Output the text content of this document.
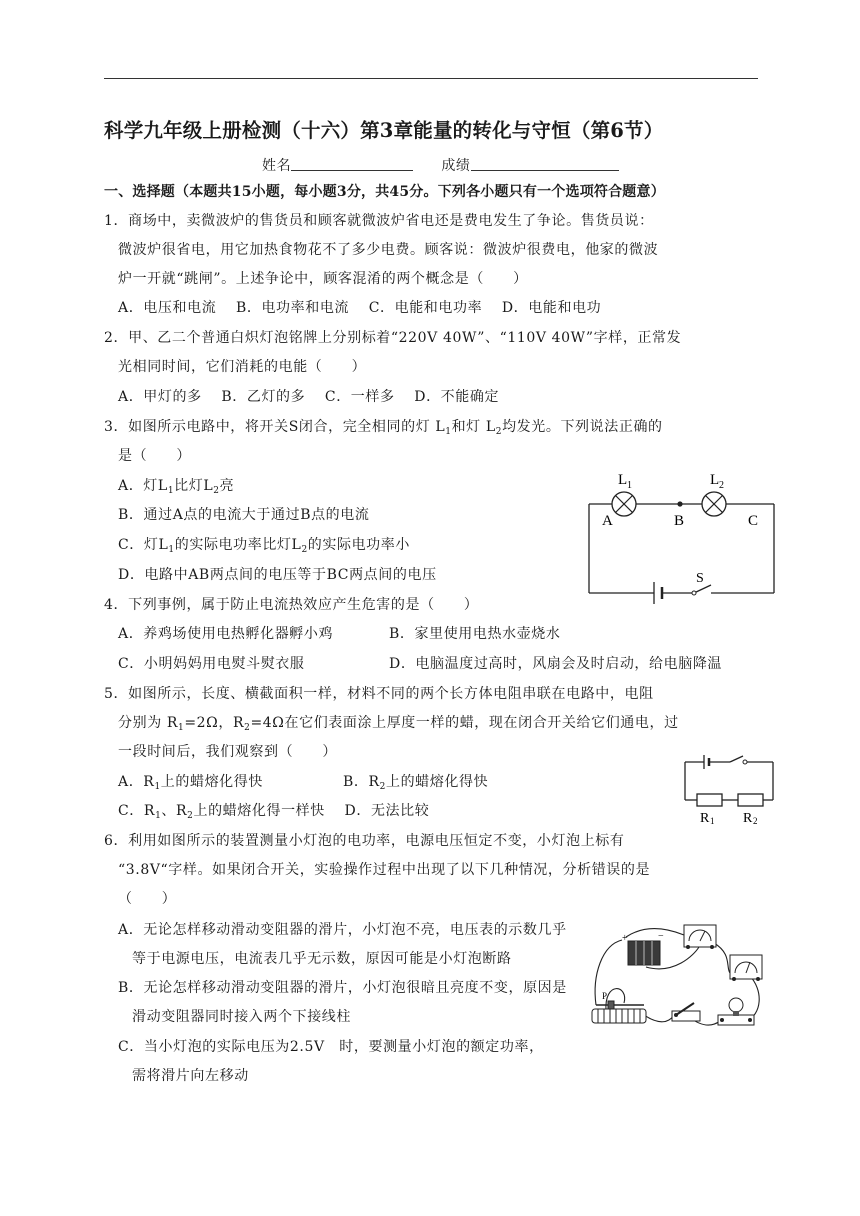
科学九年级上册检测（十六）第3章能量的转化与守恒（第6节）
姓名	成绩
一、选择题（本题共15小题，每小题3分，共45分。下列各小题只有一个选项符合题意）
1．商场中，卖微波炉的售货员和顾客就微波炉省电还是费电发生了争论。售货员说：
微波炉很省电，用它加热食物花不了多少电费。顾客说：微波炉很费电，他家的微波
炉一开就“跳闸”。上述争论中，顾客混淆的两个概念是（　　）
A．电压和电流　 B．电功率和电流　 C．电能和电功率　 D．电能和电功
2．甲、乙二个普通白炽灯泡铭牌上分别标着“220V 40W”、“110V 40W”字样，正常发
光相同时间，它们消耗的电能（　　）
A．甲灯的多　 B．乙灯的多　 C．一样多　 D．不能确定
3．如图所示电路中，将开关S闭合，完全相同的灯 $L_1$和灯 $L_2$均发光。下列说法正确的
是（　　）
A．灯$L_1$比灯$L_2$亮
B．通过A点的电流大于通过B点的电流
C．灯$L_1$的实际电功率比灯$L_2$的实际电功率小
D．电路中AB两点间的电压等于BC两点间的电压
L 1	L 2
A	B	C
S
4．下列事例，属于防止电流热效应产生危害的是（　　）
A．养鸡场使用电热孵化器孵小鸡	B．家里使用电热水壶烧水
C．小明妈妈用电熨斗熨衣服	D．电脑温度过高时，风扇会及时启动，给电脑降温
5．如图所示，长度、横截面积一样，材料不同的两个长方体电阻串联在电路中，电阻
分别为 $R_1=2\Omega$，$R_2=4\Omega$在它们表面涂上厚度一样的蜡，现在闭合开关给它们通电，过
一段时间后，我们观察到（　　）
A．$R_1$上的蜡熔化得快	B．$R_2$上的蜡熔化得快
C．$R_1$、$R_2$上的蜡熔化得一样快　 D．无法比较	R 1 R 2
6．利用如图所示的装置测量小灯泡的电功率，电源电压恒定不变，小灯泡上标有
“3.8V“字样。如果闭合开关，实验操作过程中出现了以下几种情况，分析错误的是
（　　）
A．无论怎样移动滑动变阻器的滑片，小灯泡不亮，电压表的示数几乎
等于电源电压，电流表几乎无示数，原因可能是小灯泡断路
B．无论怎样移动滑动变阻器的滑片，小灯泡很暗且亮度不变，原因是
滑动变阻器同时接入两个下接线柱
C．当小灯泡的实际电压为2.5V　时，要测量小灯泡的额定功率，
需将滑片向左移动
+	−
P
